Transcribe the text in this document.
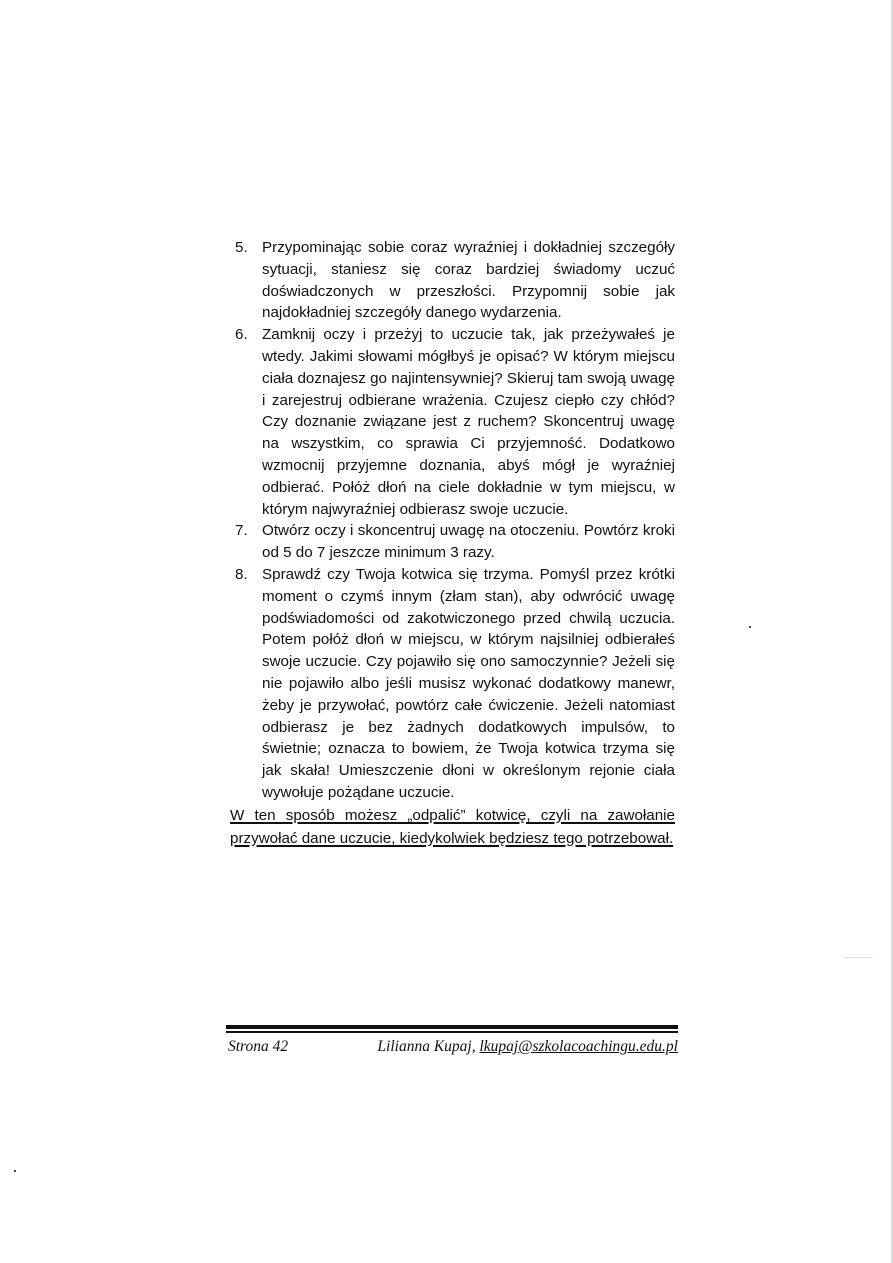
5. Przypominając sobie coraz wyraźniej i dokładniej szczegóły sytuacji, staniesz się coraz bardziej świadomy uczuć doświadczonych w przeszłości. Przypomnij sobie jak najdokładniej szczegóły danego wydarzenia.
6. Zamknij oczy i przeżyj to uczucie tak, jak przeżywałeś je wtedy. Jakimi słowami mógłbyś je opisać? W którym miejscu ciała doznajesz go najintensywniej? Skieruj tam swoją uwagę i zarejestruj odbierane wrażenia. Czujesz ciepło czy chłód? Czy doznanie związane jest z ruchem? Skoncentruj uwagę na wszystkim, co sprawia Ci przyjemność. Dodatkowo wzmocnij przyjemne doznania, abyś mógł je wyraźniej odbierać. Połóż dłoń na ciele dokładnie w tym miejscu, w którym najwyraźniej odbierasz swoje uczucie.
7. Otwórz oczy i skoncentruj uwagę na otoczeniu. Powtórz kroki od 5 do 7 jeszcze minimum 3 razy.
8. Sprawdź czy Twoja kotwica się trzyma. Pomyśl przez krótki moment o czymś innym (złam stan), aby odwrócić uwagę podświadomości od zakotwiczonego przed chwilą uczucia. Potem połóż dłoń w miejscu, w którym najsilniej odbierałeś swoje uczucie. Czy pojawiło się ono samoczynnie? Jeżeli się nie pojawiło albo jeśli musisz wykonać dodatkowy manewr, żeby je przywołać, powtórz całe ćwiczenie. Jeżeli natomiast odbierasz je bez żadnych dodatkowych impulsów, to świetnie; oznacza to bowiem, że Twoja kotwica trzyma się jak skała! Umieszczenie dłoni w określonym rejonie ciała wywołuje pożądane uczucie.

W ten sposób możesz „odpalić” kotwicę, czyli na zawołanie przywołać dane uczucie, kiedykolwiek będziesz tego potrzebował.

Strona 42	Lilianna Kupaj, lkupaj@szkolacoachingu.edu.pl
